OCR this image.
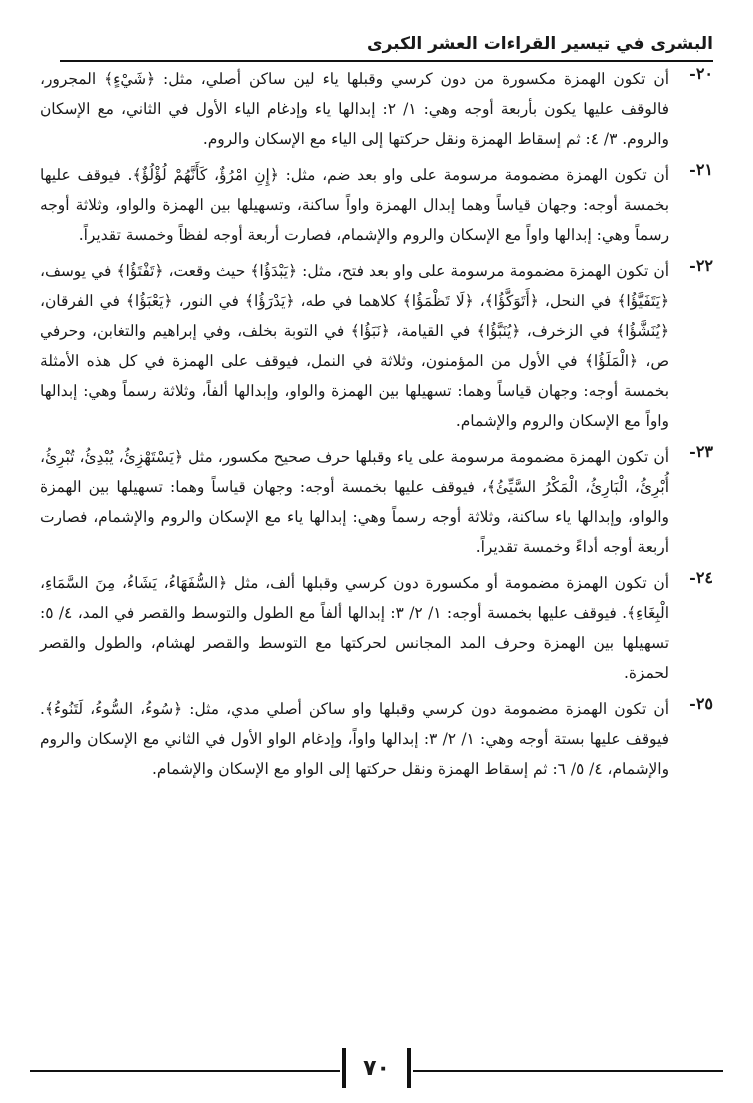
البشرى في تيسير القراءات العشر الكبرى
٢٠-
أن تكون الهمزة مكسورة من دون كرسي وقبلها ياء لين ساكن أصلي، مثل: ﴿شَيْءٍ﴾ المجرور، فالوقف عليها يكون بأربعة أوجه وهي: ١/ ٢: إبدالها ياء وإدغام الياء الأول في الثاني، مع الإسكان والروم. ٣/ ٤: ثم إسقاط الهمزة ونقل حركتها إلى الياء مع الإسكان والروم.
٢١-
أن تكون الهمزة مضمومة مرسومة على واو بعد ضم، مثل: ﴿إِنِ امْرُؤٌ، كَأَنَّهُمْ لُؤْلُؤٌ﴾. فيوقف عليها بخمسة أوجه: وجهان قياساً وهما إبدال الهمزة واواً ساكنة، وتسهيلها بين الهمزة والواو، وثلاثة أوجه رسماً وهي: إبدالها واواً مع الإسكان والروم والإشمام، فصارت أربعة أوجه لفظاً وخمسة تقديراً.
٢٢-
أن تكون الهمزة مضمومة مرسومة على واو بعد فتح، مثل: ﴿يَبْدَؤُا﴾ حيث وقعت، ﴿تَفْتَؤُا﴾ في يوسف، ﴿يَتَفَيَّؤُا﴾ في النحل، ﴿أَتَوَكَّؤُا﴾، ﴿لَا تَظْمَؤُا﴾ كلاهما في طه، ﴿يَدْرَؤُا﴾ في النور، ﴿يَعْبَؤُا﴾ في الفرقان، ﴿يُنَشَّؤُا﴾ في الزخرف، ﴿يُنَبَّؤُا﴾ في القيامة، ﴿نَبَؤُا﴾ في التوبة بخلف، وفي إبراهيم والتغابن، وحرفي ص، ﴿الْمَلَؤُا﴾ في الأول من المؤمنون، وثلاثة في النمل، فيوقف على الهمزة في كل هذه الأمثلة بخمسة أوجه: وجهان قياساً وهما: تسهيلها بين الهمزة والواو، وإبدالها ألفاً، وثلاثة رسماً وهي: إبدالها واواً مع الإسكان والروم والإشمام.
٢٣-
أن تكون الهمزة مضمومة مرسومة على ياء وقبلها حرف صحيح مكسور، مثل ﴿يَسْتَهْزِئُ، يُبْدِئُ، تُبْرِئُ، أُبْرِئُ، الْبَارِئُ، الْمَكْرُ السَّيِّئُ﴾، فيوقف عليها بخمسة أوجه: وجهان قياساً وهما: تسهيلها بين الهمزة والواو، وإبدالها ياء ساكنة، وثلاثة أوجه رسماً وهي: إبدالها ياء مع الإسكان والروم والإشمام، فصارت أربعة أوجه أداءً وخمسة تقديراً.
٢٤-
أن تكون الهمزة مضمومة أو مكسورة دون كرسي وقبلها ألف، مثل ﴿السُّفَهَاءُ، يَشَاءُ، مِنَ السَّمَاءِ، الْبِغَاءِ﴾. فيوقف عليها بخمسة أوجه: ١/ ٢/ ٣: إبدالها ألفاً مع الطول والتوسط والقصر في المد، ٤/ ٥: تسهيلها بين الهمزة وحرف المد المجانس لحركتها مع التوسط والقصر لهشام، والطول والقصر لحمزة.
٢٥-
أن تكون الهمزة مضمومة دون كرسي وقبلها واو ساكن أصلي مدي، مثل: ﴿سُوءُ، السُّوءُ، لَتَنُوءُ﴾. فيوقف عليها بستة أوجه وهي: ١/ ٢/ ٣: إبدالها واواً، وإدغام الواو الأول في الثاني مع الإسكان والروم والإشمام، ٤/ ٥/ ٦: ثم إسقاط الهمزة ونقل حركتها إلى الواو مع الإسكان والإشمام.
٧٠
